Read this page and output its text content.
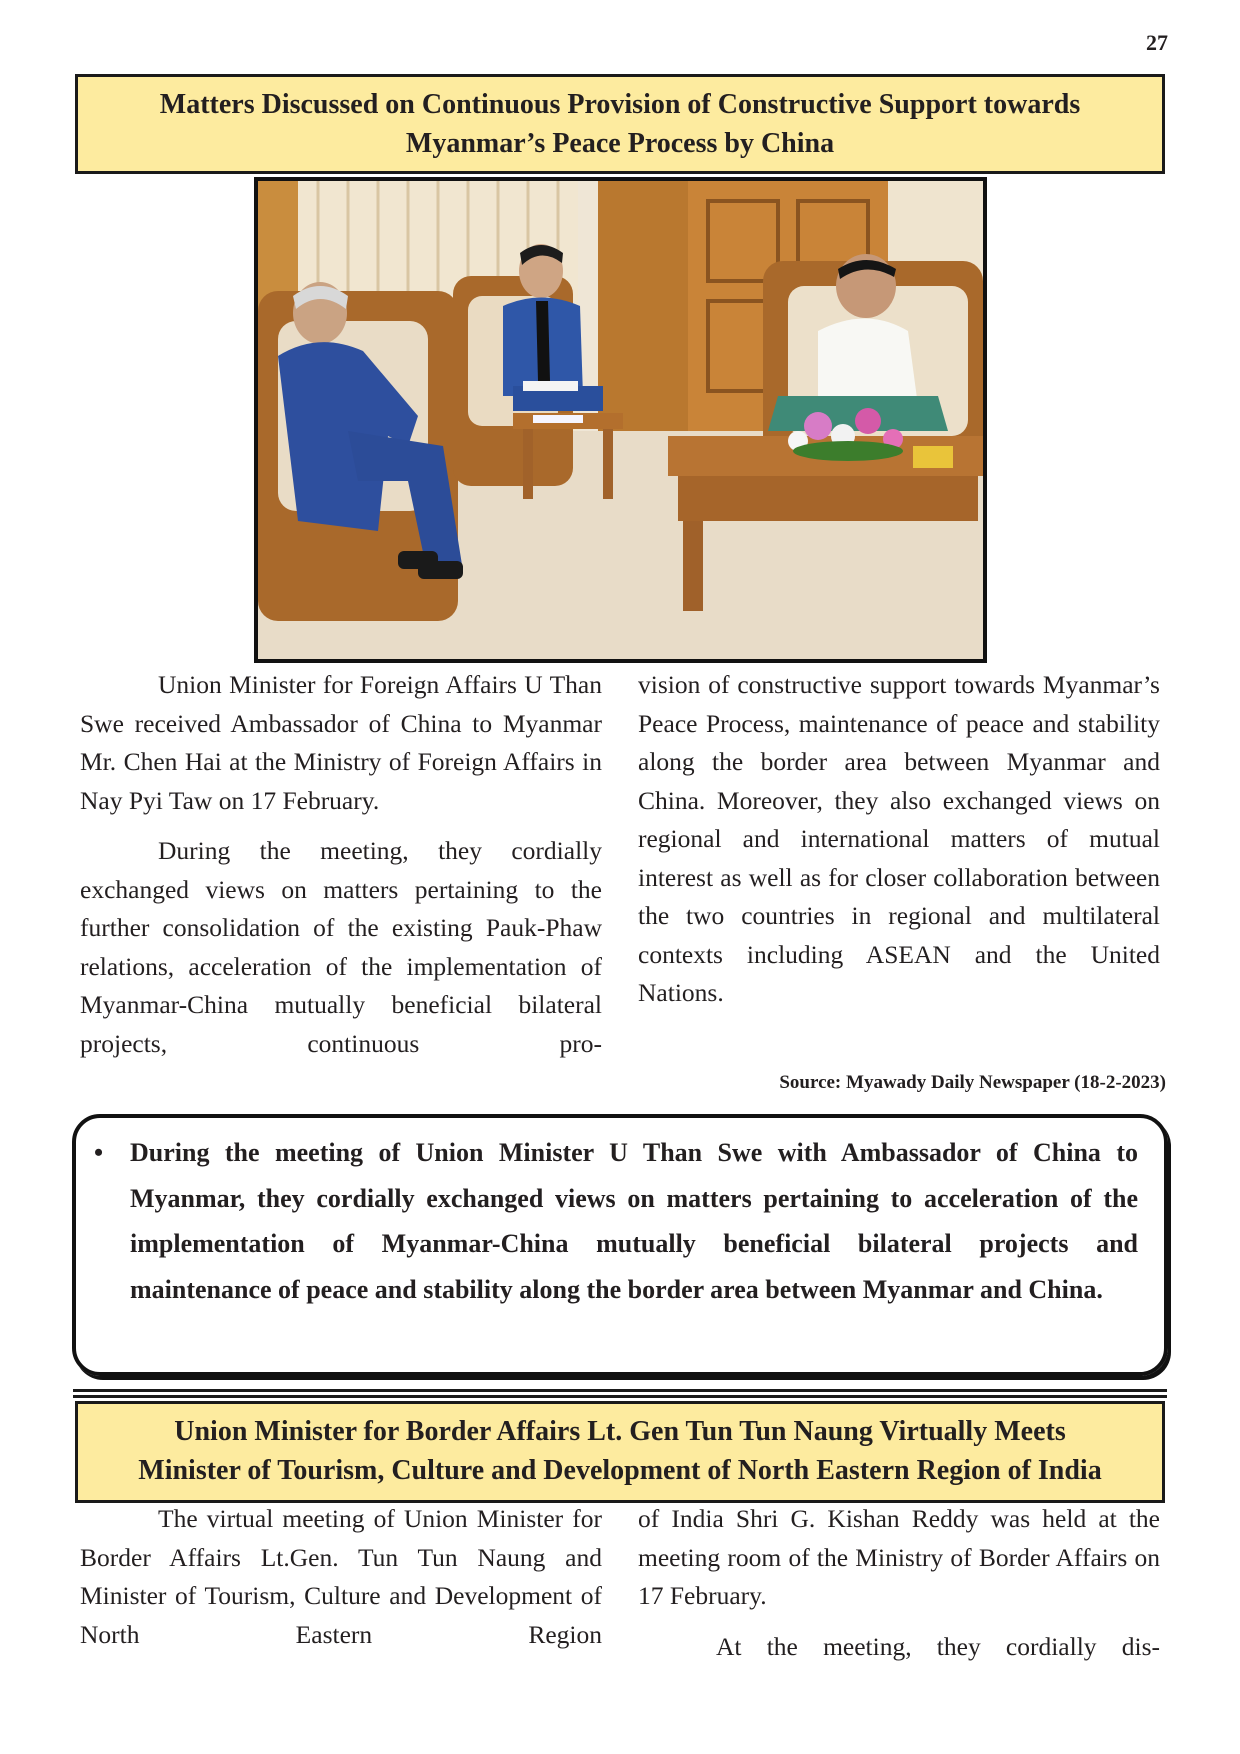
27
Matters Discussed on Continuous Provision of Constructive Support towards
Myanmar’s Peace Process by China

Union Minister for Foreign Affairs U Than Swe received Ambassador of China to Myanmar Mr. Chen Hai at the Ministry of Foreign Affairs in Nay Pyi Taw on 17 February.

During the meeting, they cordially exchanged views on matters pertaining to the further consolidation of the existing Pauk-Phaw relations, acceleration of the implementation of Myanmar-China mutually beneficial bilateral projects, continuous pro-

vision of constructive support towards Myanmar’s Peace Process, maintenance of peace and stability along the border area between Myanmar and China. Moreover, they also exchanged views on regional and international matters of mutual interest as well as for closer collaboration between the two countries in regional and multilateral contexts including ASEAN and the United Nations.

Source: Myawady Daily Newspaper (18-2-2023)
• During the meeting of Union Minister U Than Swe with Ambassador of China to Myanmar, they cordially exchanged views on matters pertaining to acceleration of the implementation of Myanmar-China mutually beneficial bilateral projects and maintenance of peace and stability along the border area between Myanmar and China.

Union Minister for Border Affairs Lt. Gen Tun Tun Naung Virtually Meets
Minister of Tourism, Culture and Development of North Eastern Region of India

The virtual meeting of Union Minister for Border Affairs Lt.Gen. Tun Tun Naung and Minister of Tourism, Culture and Development of North Eastern Region

of India Shri G. Kishan Reddy was held at the meeting room of the Ministry of Border Affairs on 17 February.

At the meeting, they cordially dis-
